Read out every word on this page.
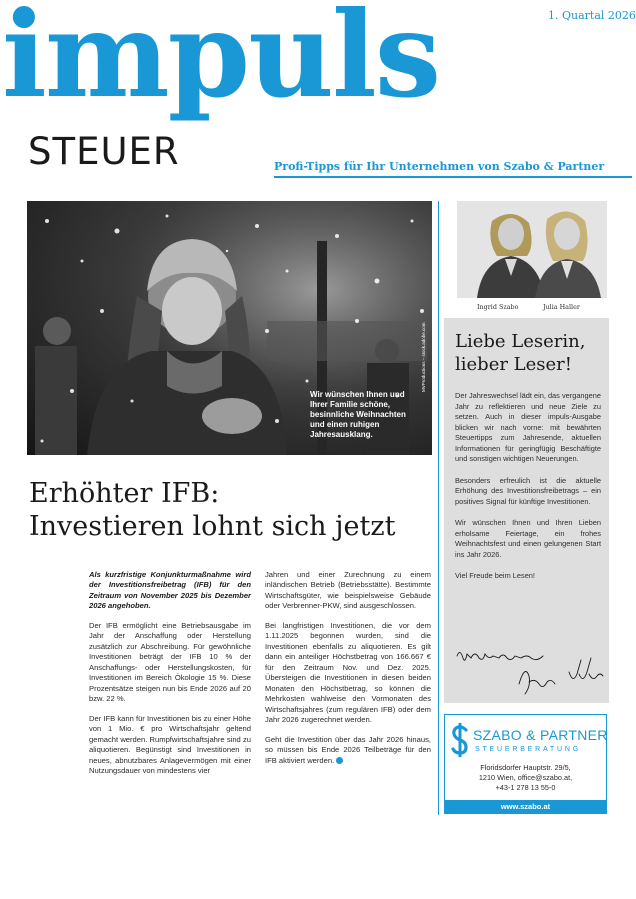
1. Quartal 2026
impuls
STEUER	Profi-Tipps für Ihr Unternehmen von Szabo & Partner
Wir wünschen Ihnen und Ihrer Familie schöne, besinnliche Weihnachten und einen ruhigen Jahresausklang.
MVProductions – stock.adobe.com
Erhöhter IFB:
Investieren lohnt sich jetzt

Als kurzfristige Konjunkturmaßnahme wird der Investitionsfreibetrag (IFB) für den Zeitraum von November 2025 bis Dezember 2026 angehoben.

Der IFB ermöglicht eine Betriebsausgabe im Jahr der Anschaffung oder Herstellung zusätzlich zur Abschreibung. Für gewöhnliche Investitionen beträgt der IFB 10 % der Anschaffungs- oder Herstellungskosten, für Investitionen im Bereich Ökologie 15 %. Diese Prozentsätze steigen nun bis Ende 2026 auf 20 bzw. 22 %.

Der IFB kann für Investitionen bis zu einer Höhe von 1 Mio. € pro Wirtschaftsjahr geltend gemacht werden. Rumpfwirtschaftsjahre sind zu aliquotieren. Begünstigt sind Investitionen in neues, abnutzbares Anlagevermögen mit einer Nutzungsdauer von mindestens vier

Jahren und einer Zurechnung zu einem inländischen Betrieb (Betriebsstätte). Bestimmte Wirtschaftsgüter, wie beispielsweise Gebäude oder Verbrenner-PKW, sind ausgeschlossen.

Bei langfristigen Investitionen, die vor dem 1.11.2025 begonnen wurden, sind die Investitionen ebenfalls zu aliquotieren. Es gilt dann ein anteiliger Höchstbetrag von 166.667 € für den Zeitraum Nov. und Dez. 2025. Übersteigen die Investitionen in diesen beiden Monaten den Höchstbetrag, so können die Mehrkosten wahlweise den Vormonaten des Wirtschaftsjahres (zum regulären IFB) oder dem Jahr 2026 zugerechnet werden.

Geht die Investition über das Jahr 2026 hinaus, so müssen bis Ende 2026 Teilbeträge für den IFB aktiviert werden.

Ingrid Szabo	Julia Haller
Liebe Leserin,
lieber Leser!

Der Jahreswechsel lädt ein, das vergangene Jahr zu reflektieren und neue Ziele zu setzen. Auch in dieser impuls-Ausgabe blicken wir nach vorne: mit bewährten Steuertipps zum Jahresende, aktuellen Informationen für geringfügig Beschäftigte und sonstigen wichtigen Neuerungen.

Besonders erfreulich ist die aktuelle Erhöhung des Investitionsfreibetrags – ein positives Signal für künftige Investitionen.

Wir wünschen Ihnen und Ihren Lieben erholsame Feiertage, ein frohes Weihnachtsfest und einen gelungenen Start ins Jahr 2026.

Viel Freude beim Lesen!

SZABO & PARTNER
STEUERBERATUNG
Floridsdorfer Hauptstr. 29/5,
1210 Wien, office@szabo.at,
+43-1 278 13 55-0
www.szabo.at
